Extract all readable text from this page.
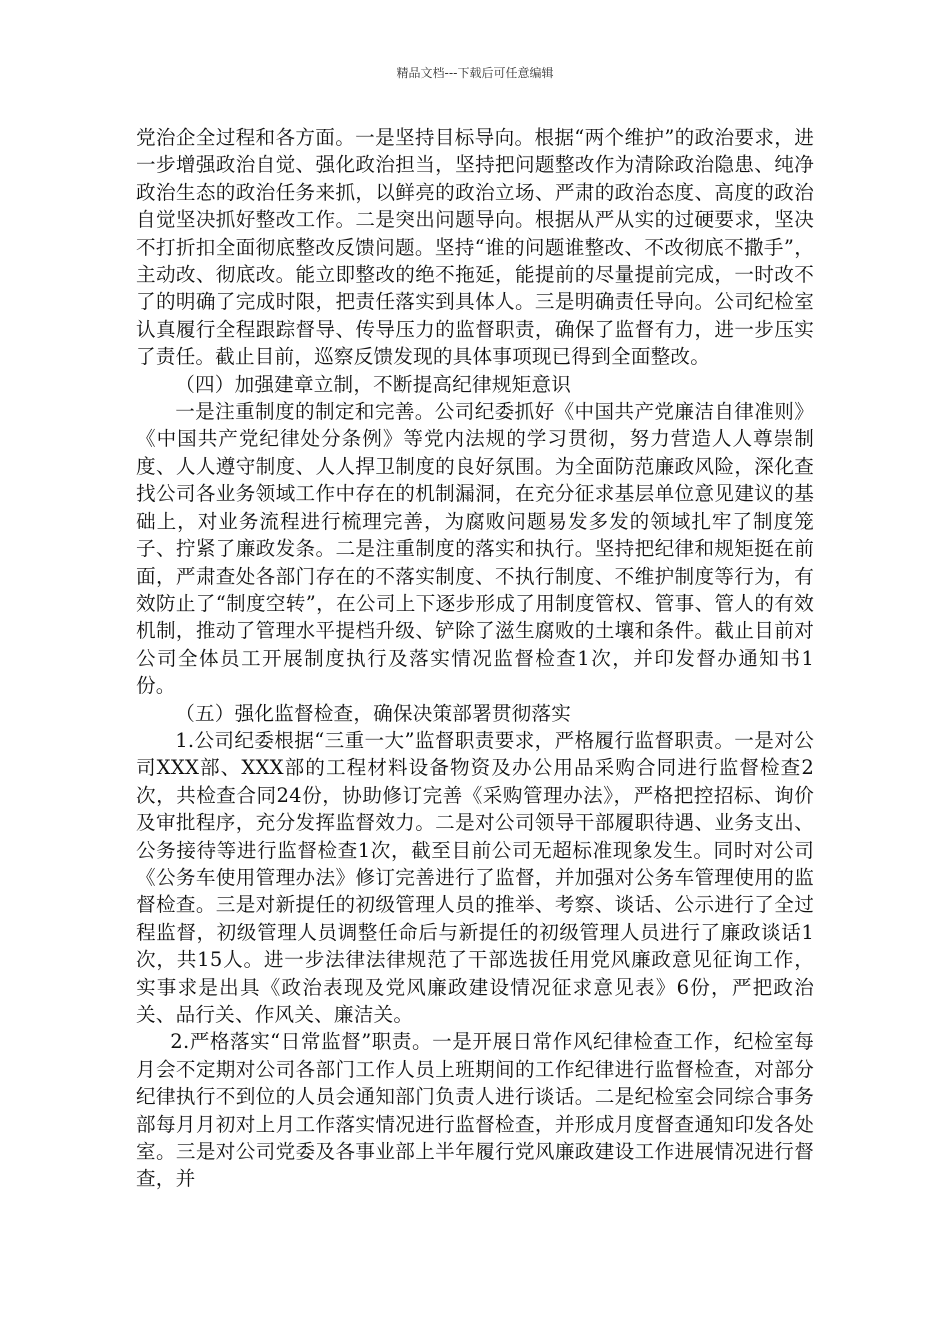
精品文档---下载后可任意编辑

党治企全过程和各方面。一是坚持目标导向。根据“两个维护”的政治要求，进一步增强政治自觉、强化政治担当，坚持把问题整改作为清除政治隐患、纯净政治生态的政治任务来抓，以鲜亮的政治立场、严肃的政治态度、高度的政治自觉坚决抓好整改工作。二是突出问题导向。根据从严从实的过硬要求，坚决不打折扣全面彻底整改反馈问题。坚持“谁的问题谁整改、不改彻底不撒手”，主动改、彻底改。能立即整改的绝不拖延，能提前的尽量提前完成，一时改不了的明确了完成时限，把责任落实到具体人。三是明确责任导向。公司纪检室认真履行全程跟踪督导、传导压力的监督职责，确保了监督有力，进一步压实了责任。截止目前，巡察反馈发现的具体事项现已得到全面整改。

（四）加强建章立制，不断提高纪律规矩意识

一是注重制度的制定和完善。公司纪委抓好《中国共产党廉洁自律准则》《中国共产党纪律处分条例》等党内法规的学习贯彻，努力营造人人尊崇制度、人人遵守制度、人人捍卫制度的良好氛围。为全面防范廉政风险，深化查找公司各业务领域工作中存在的机制漏洞，在充分征求基层单位意见建议的基础上，对业务流程进行梳理完善，为腐败问题易发多发的领域扎牢了制度笼子、拧紧了廉政发条。二是注重制度的落实和执行。坚持把纪律和规矩挺在前面，严肃查处各部门存在的不落实制度、不执行制度、不维护制度等行为，有效防止了“制度空转”，在公司上下逐步形成了用制度管权、管事、管人的有效机制，推动了管理水平提档升级、铲除了滋生腐败的土壤和条件。截止目前对公司全体员工开展制度执行及落实情况监督检查1次，并印发督办通知书1份。

（五）强化监督检查，确保决策部署贯彻落实

1.公司纪委根据“三重一大”监督职责要求，严格履行监督职责。一是对公司XXX部、XXX部的工程材料设备物资及办公用品采购合同进行监督检查2次，共检查合同24份，协助修订完善《采购管理办法》，严格把控招标、询价及审批程序，充分发挥监督效力。二是对公司领导干部履职待遇、业务支出、公务接待等进行监督检查1次，截至目前公司无超标准现象发生。同时对公司《公务车使用管理办法》修订完善进行了监督，并加强对公务车管理使用的监督检查。三是对新提任的初级管理人员的推举、考察、谈话、公示进行了全过程监督，初级管理人员调整任命后与新提任的初级管理人员进行了廉政谈话1次，共15人。进一步法律法律规范了干部选拔任用党风廉政意见征询工作，实事求是出具《政治表现及党风廉政建设情况征求意见表》6份，严把政治关、品行关、作风关、廉洁关。

2.严格落实“日常监督”职责。一是开展日常作风纪律检查工作，纪检室每月会不定期对公司各部门工作人员上班期间的工作纪律进行监督检查，对部分纪律执行不到位的人员会通知部门负责人进行谈话。二是纪检室会同综合事务部每月月初对上月工作落实情况进行监督检查，并形成月度督查通知印发各处室。三是对公司党委及各事业部上半年履行党风廉政建设工作进展情况进行督查，并
